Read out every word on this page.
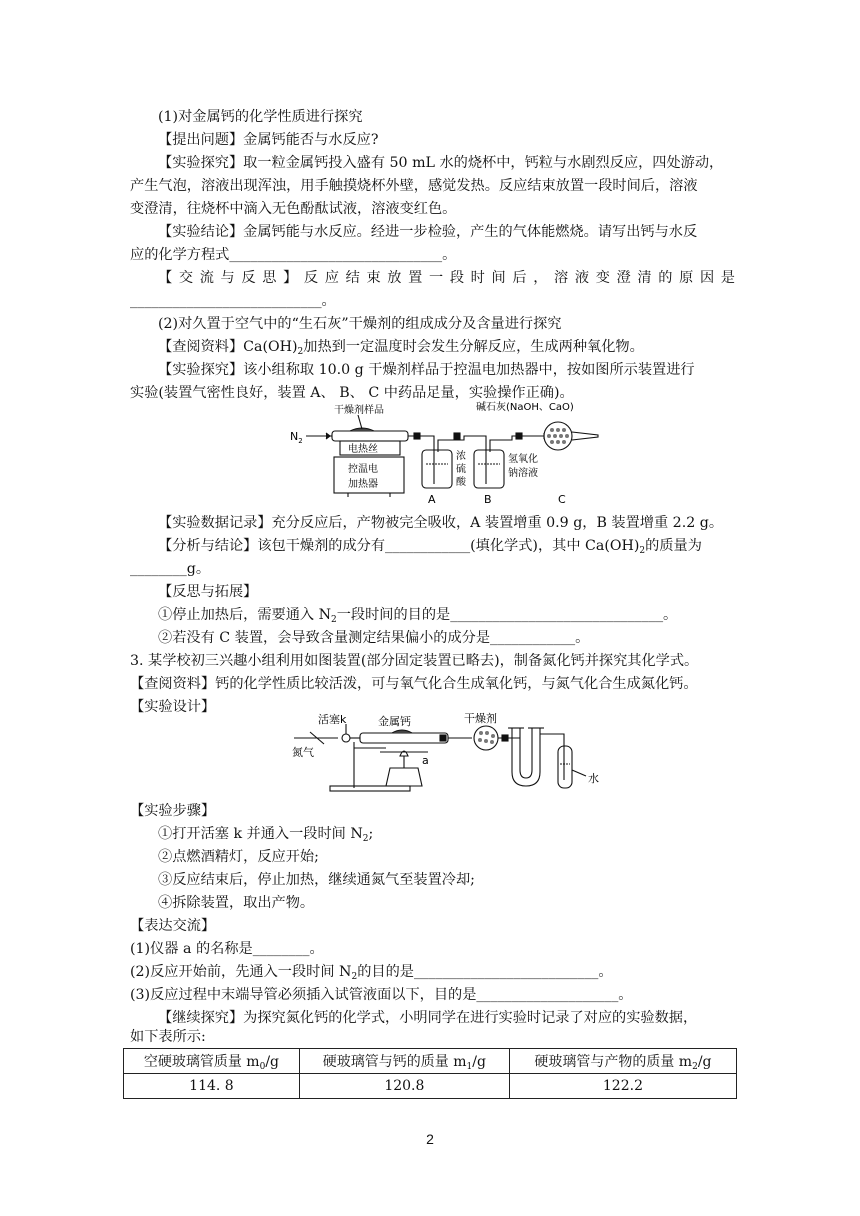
(1)对金属钙的化学性质进行探究
【提出问题】金属钙能否与水反应?
【实验探究】取一粒金属钙投入盛有 50 mL 水的烧杯中，钙粒与水剧烈反应，四处游动，
产生气泡，溶液出现浑浊，用手触摸烧杯外壁，感觉发热。反应结束放置一段时间后，溶液
变澄清，往烧杯中滴入无色酚酞试液，溶液变红色。
【实验结论】金属钙能与水反应。经进一步检验，产生的气体能燃烧。请写出钙与水反
应的化学方程式______________________________。
【交流与反思】反应结束放置一段时间后，溶液变澄清的原因是
___________________________。
(2)对久置于空气中的“生石灰”干燥剂的组成成分及含量进行探究
【查阅资料】$Ca(OH)_2$加热到一定温度时会发生分解反应，生成两种氧化物。
【实验探究】该小组称取 10.0 g 干燥剂样品于控温电加热器中，按如图所示装置进行
实验(装置气密性良好，装置 A、 B、 C 中药品足量，实验操作正确)。
$N_2$
干燥剂样品
电热丝
控温电
加热器
浓
硫
酸
氢氧化
钠溶液
碱石灰(NaOH、CaO)
A	B	C
【实验数据记录】充分反应后，产物被完全吸收，A 装置增重 0.9 g，B 装置增重 2.2 g。
【分析与结论】该包干燥剂的成分有____________(填化学式)，其中 $Ca(OH)_2$的质量为
________g。
【反思与拓展】
①停止加热后，需要通入 $N_2$一段时间的目的是______________________________。
②若没有 C 装置，会导致含量测定结果偏小的成分是____________。
3. 某学校初三兴趣小组利用如图装置(部分固定装置已略去)，制备氮化钙并探究其化学式。
【查阅资料】钙的化学性质比较活泼，可与氧气化合生成氧化钙，与氮气化合生成氮化钙。
【实验设计】
活塞k
氮气
金属钙	干燥剂
a
水
【实验步骤】
①打开活塞 k 并通入一段时间 $N_2$;
②点燃酒精灯，反应开始;
③反应结束后，停止加热，继续通氮气至装置冷却;
④拆除装置，取出产物。
【表达交流】
(1)仪器 a 的名称是________。
(2)反应开始前，先通入一段时间 $N_2$的目的是__________________________。
(3)反应过程中末端导管必须插入试管液面以下，目的是____________________。
【继续探究】为探究氮化钙的化学式，小明同学在进行实验时记录了对应的实验数据，
如下表所示:
空硬玻璃管质量 $m_0/g$	硬玻璃管与钙的质量 $m_1/g$	硬玻璃管与产物的质量 $m_2/g$
114. 8	120.8	122.2
2
